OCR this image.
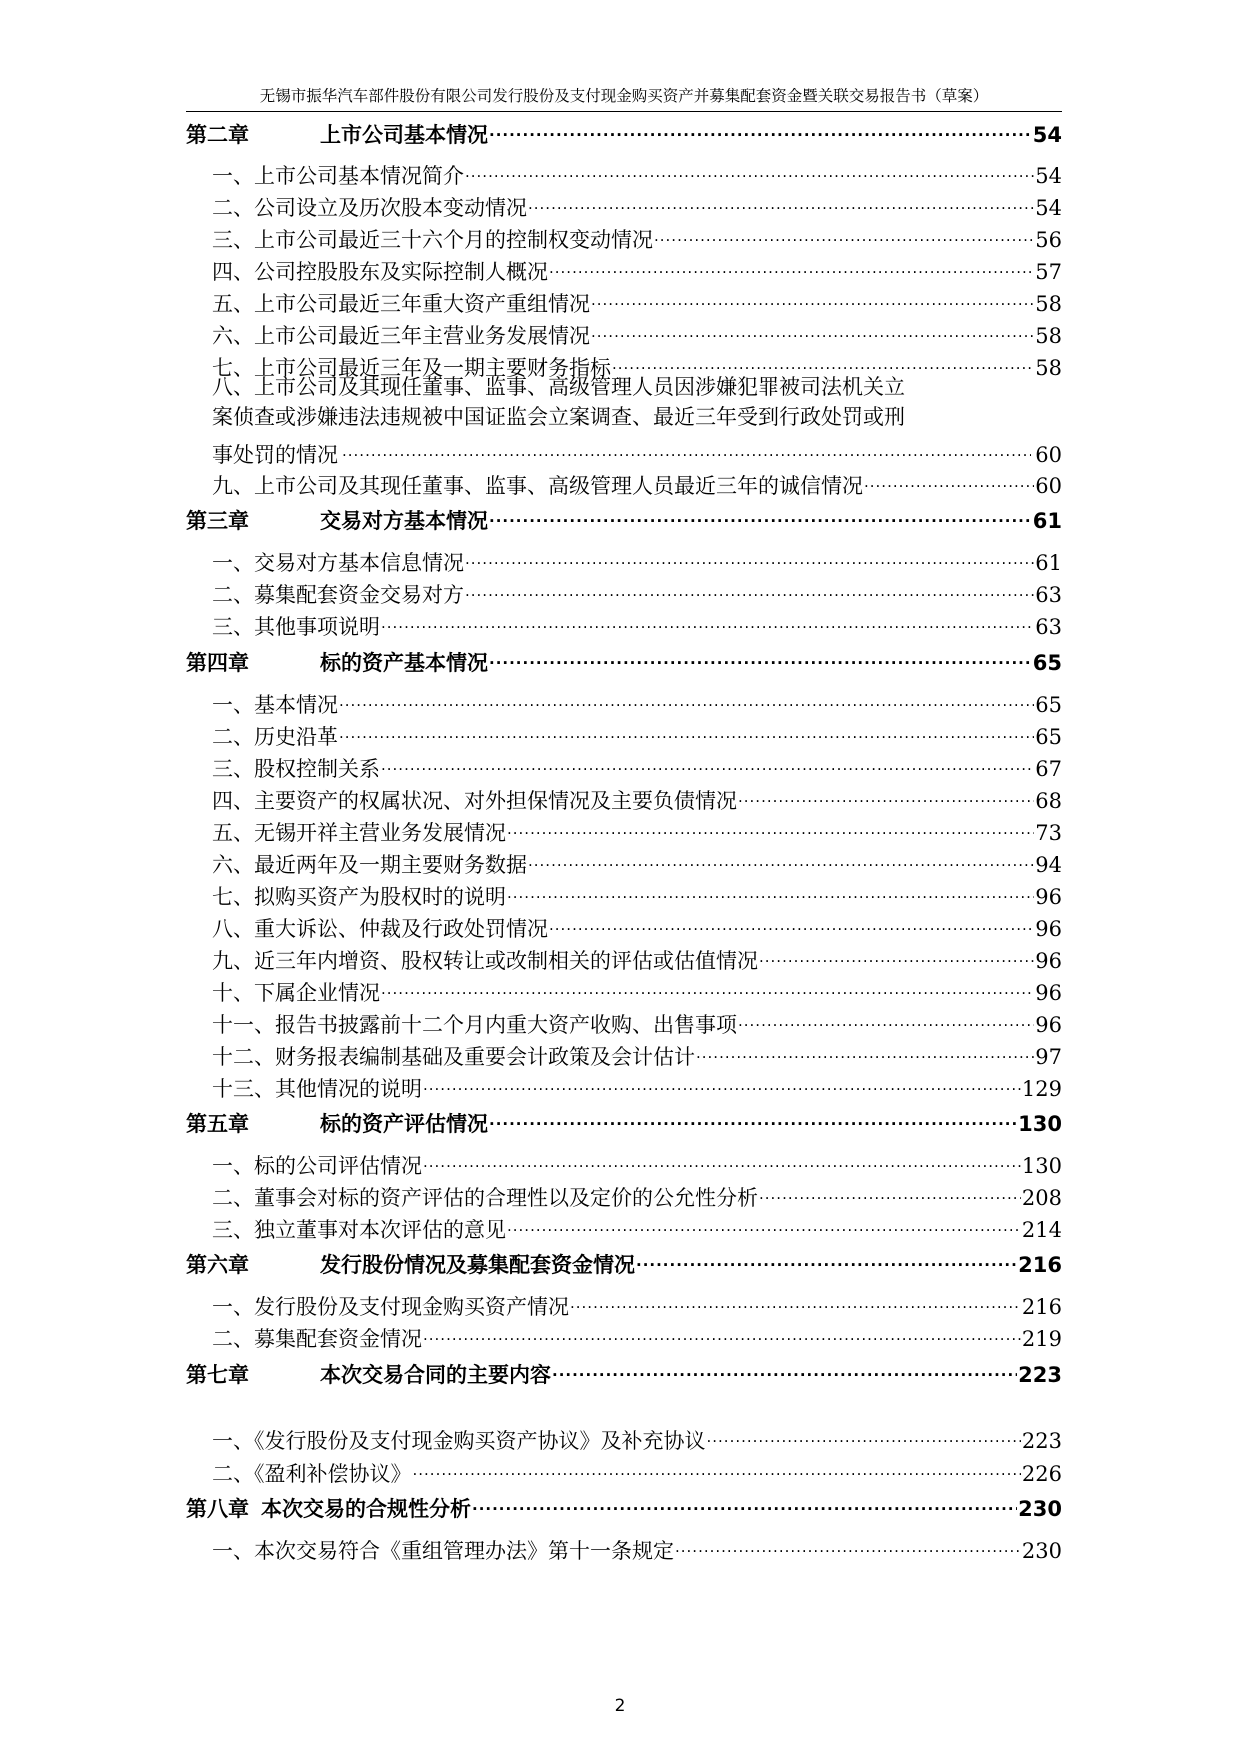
无锡市振华汽车部件股份有限公司发行股份及支付现金购买资产并募集配套资金暨关联交易报告书（草案）
第二章	上市公司基本情况 .....	54
一、上市公司基本情况简介 .....	54
二、公司设立及历次股本变动情况 .....	54
三、上市公司最近三十六个月的控制权变动情况 .....	56
四、公司控股股东及实际控制人概况 .....	57
五、上市公司最近三年重大资产重组情况 .....	58
六、上市公司最近三年主营业务发展情况 .....	58
七、上市公司最近三年及一期主要财务指标 .....	58
八、上市公司及其现任董事、监事、高级管理人员因涉嫌犯罪被司法机关立
案侦查或涉嫌违法违规被中国证监会立案调查、最近三年受到行政处罚或刑
事处罚的情况 .....	60
九、上市公司及其现任董事、监事、高级管理人员最近三年的诚信情况 .....	60
第三章	交易对方基本情况 .....	61
一、交易对方基本信息情况 .....	61
二、募集配套资金交易对方 .....	63
三、其他事项说明 .....	63
第四章	标的资产基本情况 .....	65
一、基本情况 .....	65
二、历史沿革 .....	65
三、股权控制关系 .....	67
四、主要资产的权属状况、对外担保情况及主要负债情况 .....	68
五、无锡开祥主营业务发展情况 .....	73
六、最近两年及一期主要财务数据 .....	94
七、拟购买资产为股权时的说明 .....	96
八、重大诉讼、仲裁及行政处罚情况 .....	96
九、近三年内增资、股权转让或改制相关的评估或估值情况 .....	96
十、下属企业情况 .....	96
十一、报告书披露前十二个月内重大资产收购、出售事项 .....	96
十二、财务报表编制基础及重要会计政策及会计估计 .....	97
十三、其他情况的说明 .....	129
第五章	标的资产评估情况 .....	130
一、标的公司评估情况 .....	130
二、董事会对标的资产评估的合理性以及定价的公允性分析 .....	208
三、独立董事对本次评估的意见 .....	214
第六章	发行股份情况及募集配套资金情况 .....	216
一、发行股份及支付现金购买资产情况 .....	216
二、募集配套资金情况 .....	219
第七章	本次交易合同的主要内容 .....	223
一、《发行股份及支付现金购买资产协议》及补充协议 .....	223
二、《盈利补偿协议》 .....	226
第八章 本次交易的合规性分析 .....	230
一、本次交易符合《重组管理办法》第十一条规定 .....	230
2
